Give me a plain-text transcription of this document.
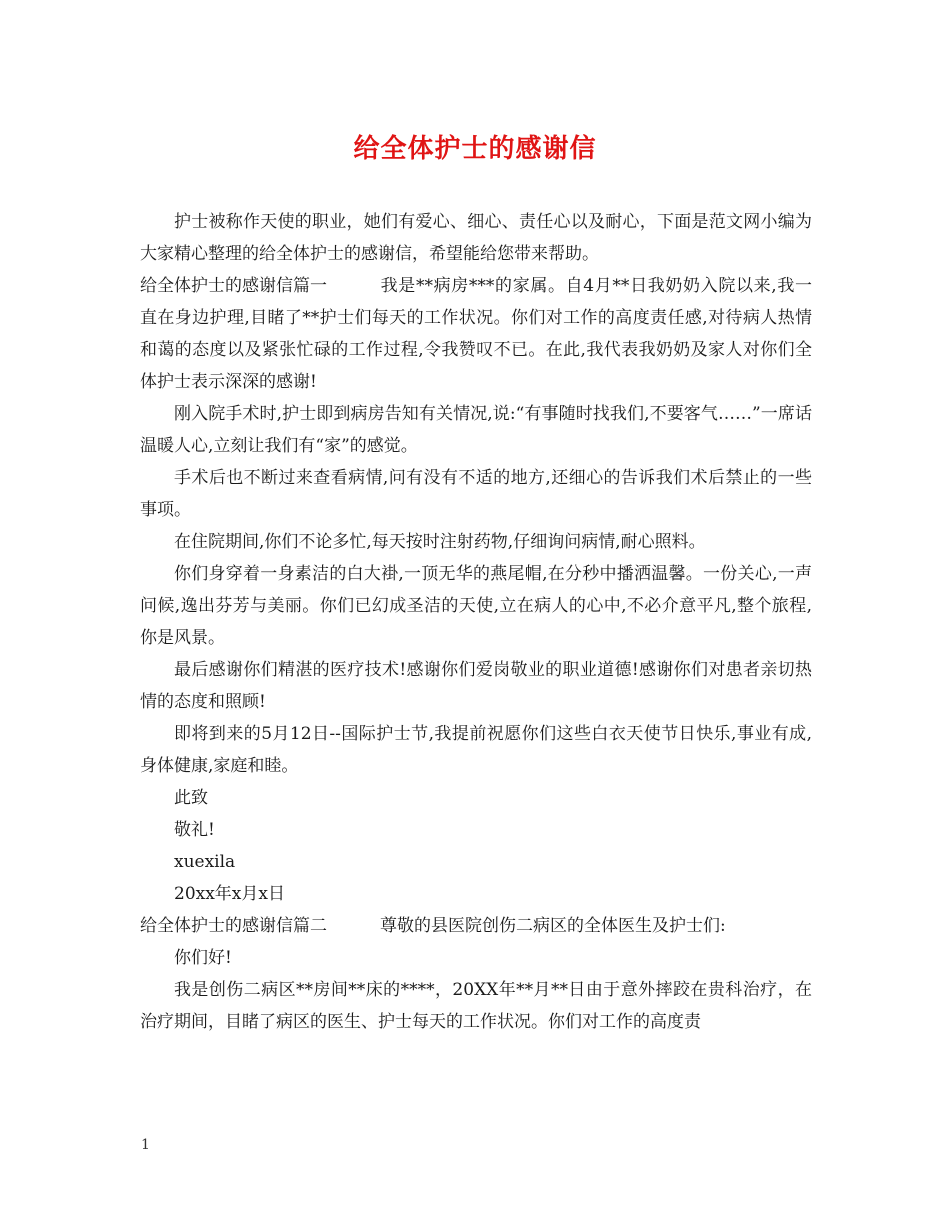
给全体护士的感谢信

护士被称作天使的职业，她们有爱心、细心、责任心以及耐心，下面是范文网小编为大家精心整理的给全体护士的感谢信，希望能给您带来帮助。

给全体护士的感谢信篇一	我是**病房***的家属。自4月**日我奶奶入院以来,我一直在身边护理,目睹了**护士们每天的工作状况。你们对工作的高度责任感,对待病人热情和蔼的态度以及紧张忙碌的工作过程,令我赞叹不已。在此,我代表我奶奶及家人对你们全体护士表示深深的感谢!

刚入院手术时,护士即到病房告知有关情况,说:“有事随时找我们,不要客气……”一席话温暖人心,立刻让我们有“家”的感觉。

手术后也不断过来查看病情,问有没有不适的地方,还细心的告诉我们术后禁止的一些事项。

在住院期间,你们不论多忙,每天按时注射药物,仔细询问病情,耐心照料。

你们身穿着一身素洁的白大褂,一顶无华的燕尾帽,在分秒中播洒温馨。一份关心,一声问候,逸出芬芳与美丽。你们已幻成圣洁的天使,立在病人的心中,不必介意平凡,整个旅程,你是风景。

最后感谢你们精湛的医疗技术!感谢你们爱岗敬业的职业道德!感谢你们对患者亲切热情的态度和照顾!

即将到来的5月12日--国际护士节,我提前祝愿你们这些白衣天使节日快乐,事业有成,身体健康,家庭和睦。

此致

敬礼!

xuexila

20xx年x月x日

给全体护士的感谢信篇二	尊敬的县医院创伤二病区的全体医生及护士们:

你们好!

我是创伤二病区**房间**床的****，20XX年**月**日由于意外摔跤在贵科治疗，在治疗期间，目睹了病区的医生、护士每天的工作状况。你们对工作的高度责

1
